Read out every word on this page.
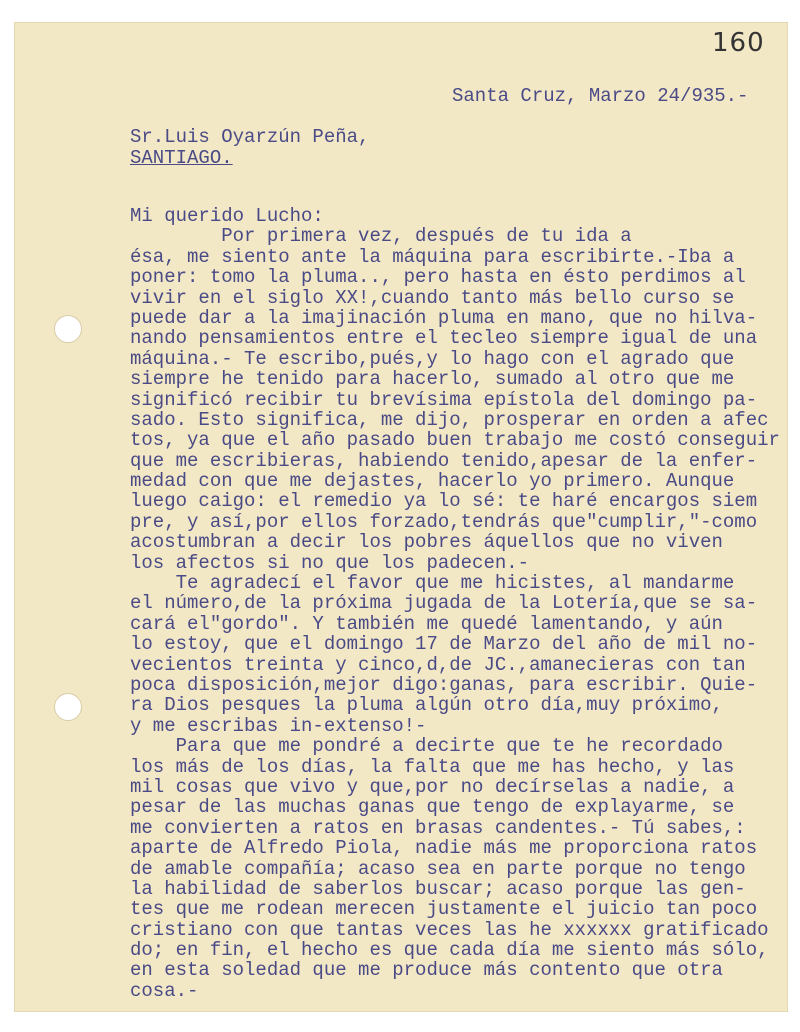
160
Santa Cruz, Marzo 24/935.-
Sr.Luis Oyarzún Peña,
SANTIAGO.
Mi querido Lucho:
Por primera vez, después de tu ida a
ésa, me siento ante la máquina para escribirte.-Iba a
poner: tomo la pluma.., pero hasta en ésto perdimos al
vivir en el siglo XX!,cuando tanto más bello curso se
puede dar a la imajinación pluma en mano, que no hilva-
nando pensamientos entre el tecleo siempre igual de una
máquina.- Te escribo,pués,y lo hago con el agrado que
siempre he tenido para hacerlo, sumado al otro que me
significó recibir tu brevísima epístola del domingo pa-
sado. Esto significa, me dijo, prosperar en orden a afec
tos, ya que el año pasado buen trabajo me costó conseguir
que me escribieras, habiendo tenido,apesar de la enfer-
medad con que me dejastes, hacerlo yo primero. Aunque
luego caigo: el remedio ya lo sé: te haré encargos siem
pre, y así,por ellos forzado,tendrás que"cumplir,"-como
acostumbran a decir los pobres áquellos que no viven
los afectos si no que los padecen.-
Te agradecí el favor que me hicistes, al mandarme
el número,de la próxima jugada de la Lotería,que se sa-
cará el"gordo". Y también me quedé lamentando, y aún
lo estoy, que el domingo 17 de Marzo del año de mil no-
vecientos treinta y cinco,d,de JC.,amanecieras con tan
poca disposición,mejor digo:ganas, para escribir. Quie-
ra Dios pesques la pluma algún otro día,muy próximo,
y me escribas in-extenso!-
Para que me pondré a decirte que te he recordado
los más de los días, la falta que me has hecho, y las
mil cosas que vivo y que,por no decírselas a nadie, a
pesar de las muchas ganas que tengo de explayarme, se
me convierten a ratos en brasas candentes.- Tú sabes,:
aparte de Alfredo Piola, nadie más me proporciona ratos
de amable compañía; acaso sea en parte porque no tengo
la habilidad de saberlos buscar; acaso porque las gen-
tes que me rodean merecen justamente el juicio tan poco
cristiano con que tantas veces las he xxxxxx gratificado
do; en fin, el hecho es que cada día me siento más sólo,
en esta soledad que me produce más contento que otra
cosa.-
